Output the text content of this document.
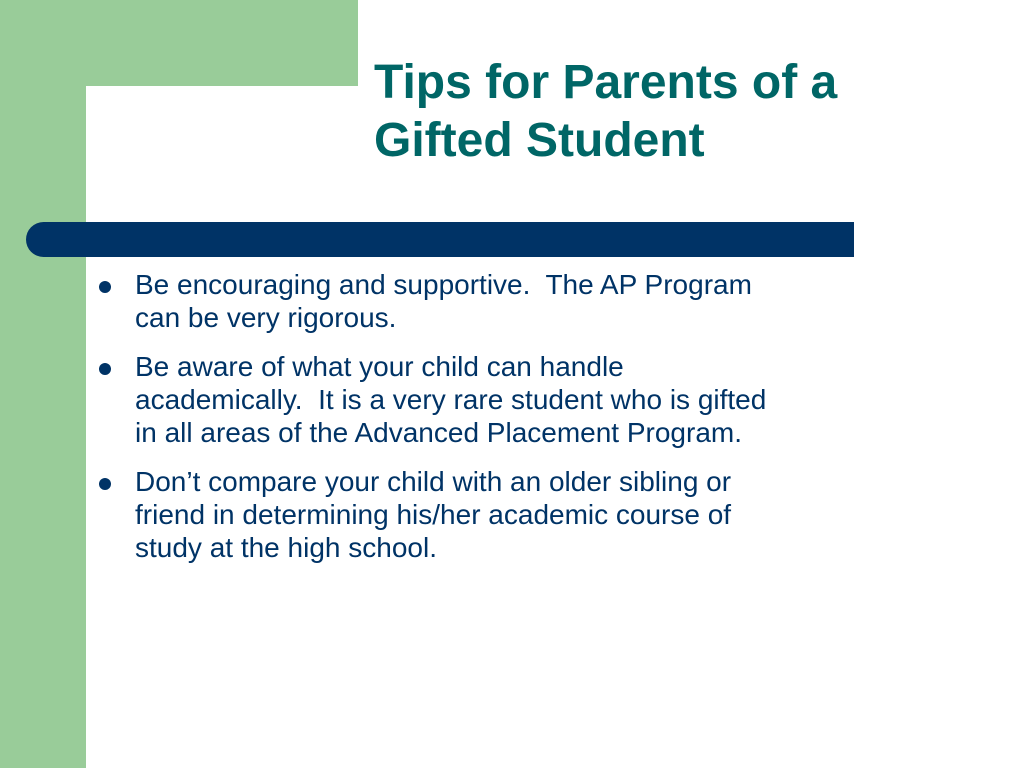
Tips for Parents of a
Gifted Student
Be encouraging and supportive.  The AP Program
can be very rigorous.
Be aware of what your child can handle
academically.  It is a very rare student who is gifted
in all areas of the Advanced Placement Program.
Don’t compare your child with an older sibling or
friend in determining his/her academic course of
study at the high school.
